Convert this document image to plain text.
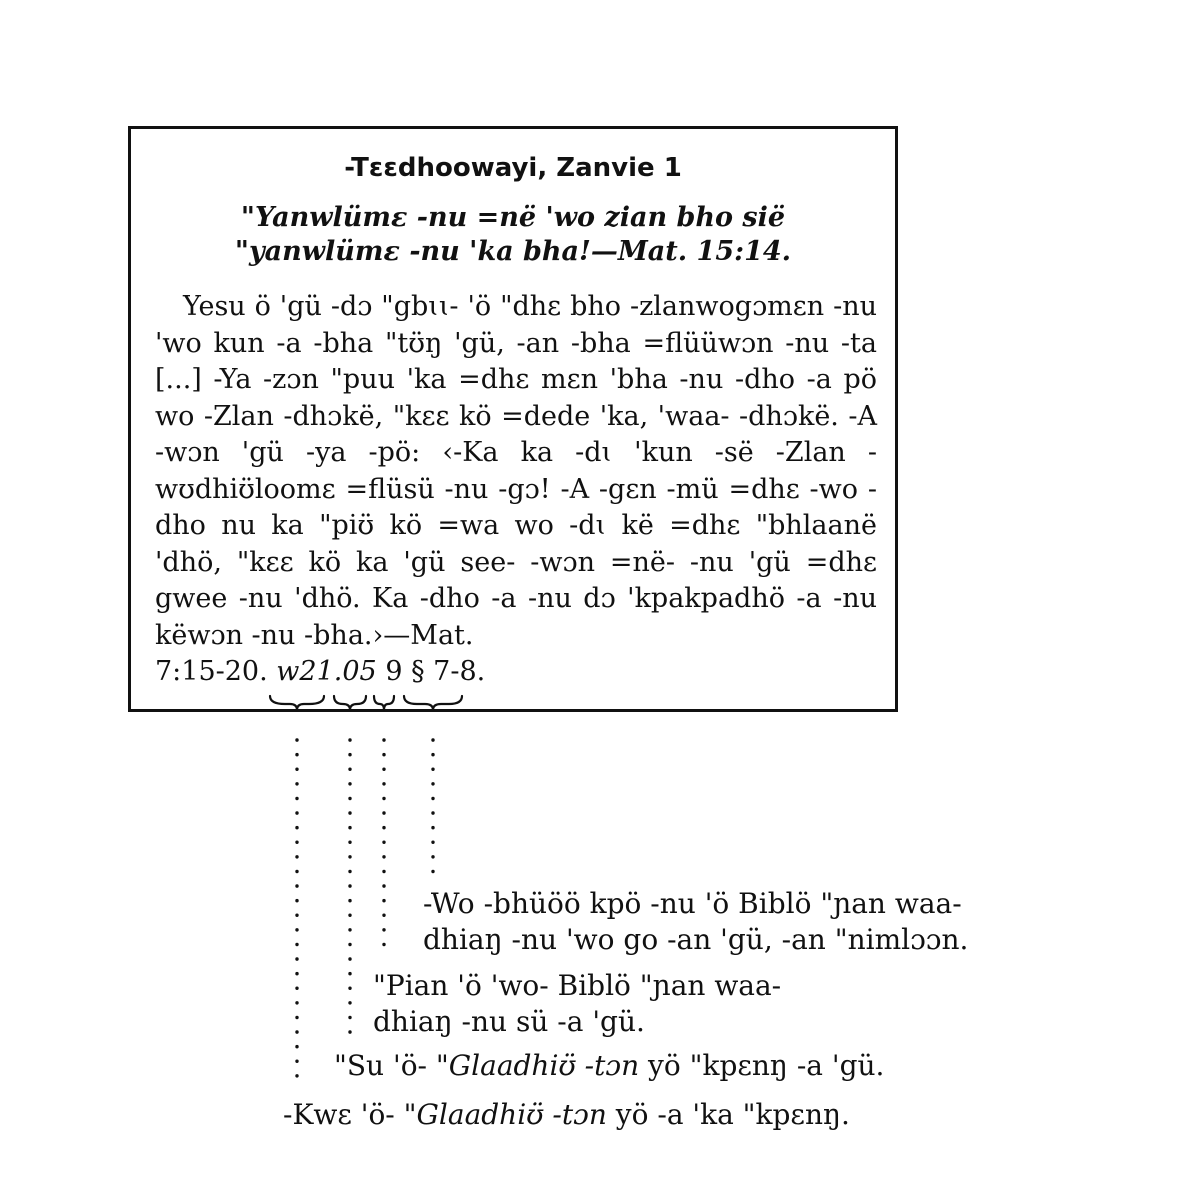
-Tɛɛdhoowayi, Zanvie 1
"Yanwlümɛ -nu =në 'wo zian bho sië
"yanwlümɛ -nu 'ka bha!—Mat. 15:14.

Yesu ö 'gü -dɔ "gbɩɩ- 'ö "dhɛ bho -zlanwogɔmɛn -nu 'wo kun -a -bha "tʊ̈ŋ 'gü, -an -bha =flüüwɔn -nu -ta [...] -Ya -zɔn "puu 'ka =dhɛ mɛn 'bha -nu -dho -a pö wo -Zlan -dhɔkë, "kɛɛ kö =dede 'ka, 'waa- -dhɔkë. -A -wɔn 'gü -ya -pö: ‹-Ka ka -dɩ 'kun -së -Zlan -wʊdhiʊ̈loomɛ =flüsü -nu -gɔ! -A -gɛn -mü =dhɛ -wo -dho nu ka "piʊ̈ kö =wa wo -dɩ kë =dhɛ "bhlaanë 'dhö, "kɛɛ kö ka 'gü see- -wɔn =në- -nu 'gü =dhɛ gwee -nu 'dhö. Ka -dho -a -nu dɔ 'kpakpadhö -a -nu këwɔn -nu -bha.›—Mat.

7:15-20. w21.05 9 § 7-8.
-Wo -bhüöö kpö -nu 'ö Biblö "ɲan waa-
dhiaŋ -nu 'wo go -an 'gü, -an "nimlɔɔn.
"Pian 'ö 'wo- Biblö "ɲan waa-
dhiaŋ -nu sü -a 'gü.
"Su 'ö- "Glaadhiʊ̈ -tɔn yö "kpɛnŋ -a 'gü.
-Kwɛ 'ö- "Glaadhiʊ̈ -tɔn yö -a 'ka "kpɛnŋ.
